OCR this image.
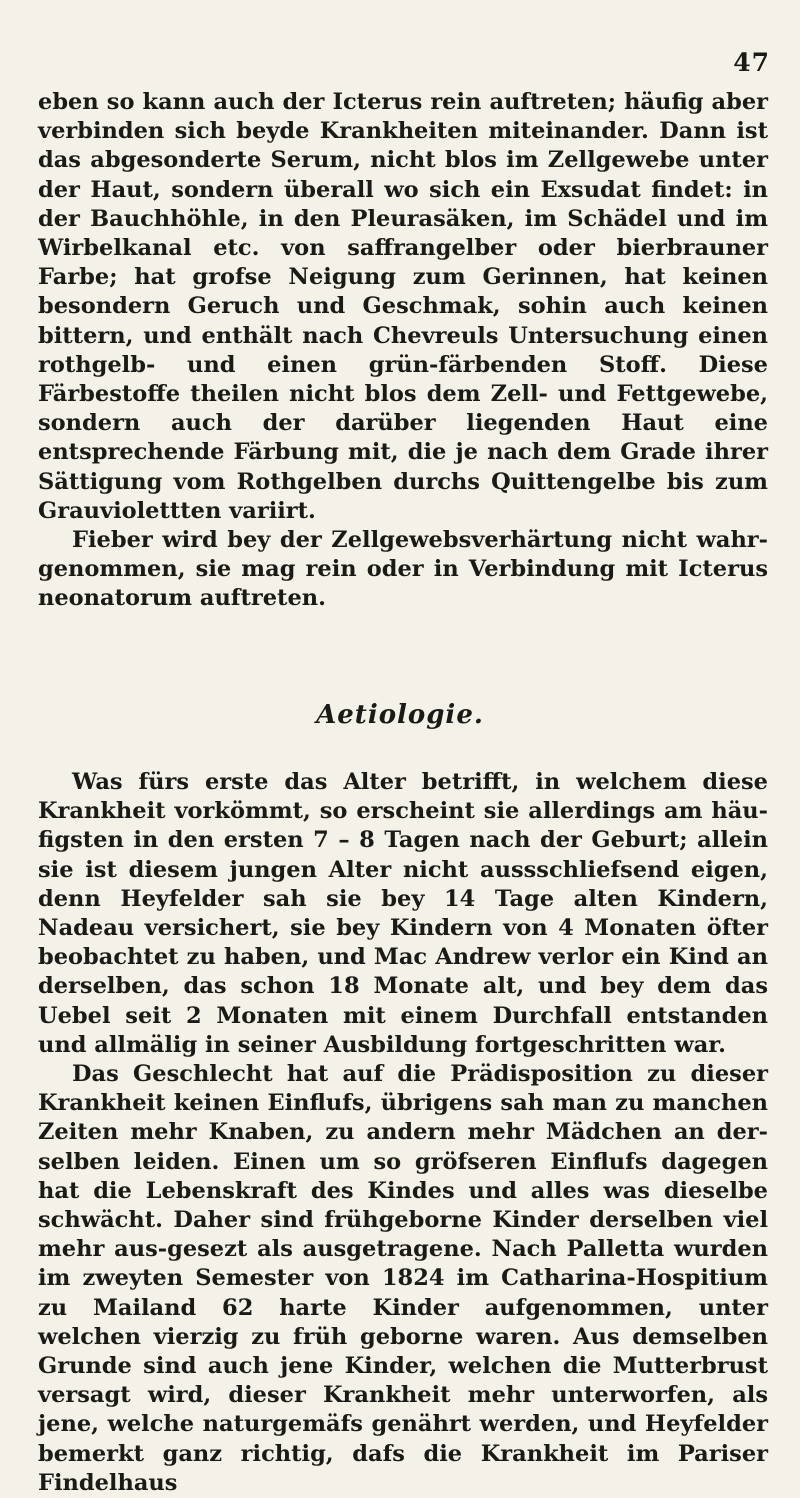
47

eben so kann auch der Icterus rein auftreten; häufig aber verbinden sich beyde Krankheiten miteinander. Dann ist das abgesonderte Serum, nicht blos im Zellgewebe unter der Haut, sondern überall wo sich ein Exsudat findet: in der Bauchhöhle, in den Pleurasäken, im Schädel und im Wirbelkanal etc. von saffrangelber oder bierbrauner Farbe; hat grofse Neigung zum Gerinnen, hat keinen besondern Geruch und Geschmak, sohin auch keinen bittern, und enthält nach Chevreuls Untersuchung einen rothgelb- und einen grün-färbenden Stoff. Diese Färbestoffe theilen nicht blos dem Zell- und Fettgewebe, sondern auch der darüber liegenden Haut eine entsprechende Färbung mit, die je nach dem Grade ihrer Sättigung vom Rothgelben durchs Quittengelbe bis zum Grauviolettten variirt.

Fieber wird bey der Zellgewebsverhärtung nicht wahr-genommen, sie mag rein oder in Verbindung mit Icterus neonatorum auftreten.

Aetiologie.

Was fürs erste das Alter betrifft, in welchem diese Krankheit vorkömmt, so erscheint sie allerdings am häu-figsten in den ersten 7 – 8 Tagen nach der Geburt; allein sie ist diesem jungen Alter nicht aussschliefsend eigen, denn Heyfelder sah sie bey 14 Tage alten Kindern, Nadeau versichert, sie bey Kindern von 4 Monaten öfter beobachtet zu haben, und Mac Andrew verlor ein Kind an derselben, das schon 18 Monate alt, und bey dem das Uebel seit 2 Monaten mit einem Durchfall entstanden und allmälig in seiner Ausbildung fortgeschritten war.

Das Geschlecht hat auf die Prädisposition zu dieser Krankheit keinen Einflufs, übrigens sah man zu manchen Zeiten mehr Knaben, zu andern mehr Mädchen an der-selben leiden. Einen um so gröfseren Einflufs dagegen hat die Lebenskraft des Kindes und alles was dieselbe schwächt. Daher sind frühgeborne Kinder derselben viel mehr aus-gesezt als ausgetragene. Nach Palletta wurden im zweyten Semester von 1824 im Catharina-Hospitium zu Mailand 62 harte Kinder aufgenommen, unter welchen vierzig zu früh geborne waren. Aus demselben Grunde sind auch jene Kinder, welchen die Mutterbrust versagt wird, dieser Krankheit mehr unterworfen, als jene, welche naturgemäfs genährt werden, und Heyfelder bemerkt ganz richtig, dafs die Krankheit im Pariser Findelhaus
